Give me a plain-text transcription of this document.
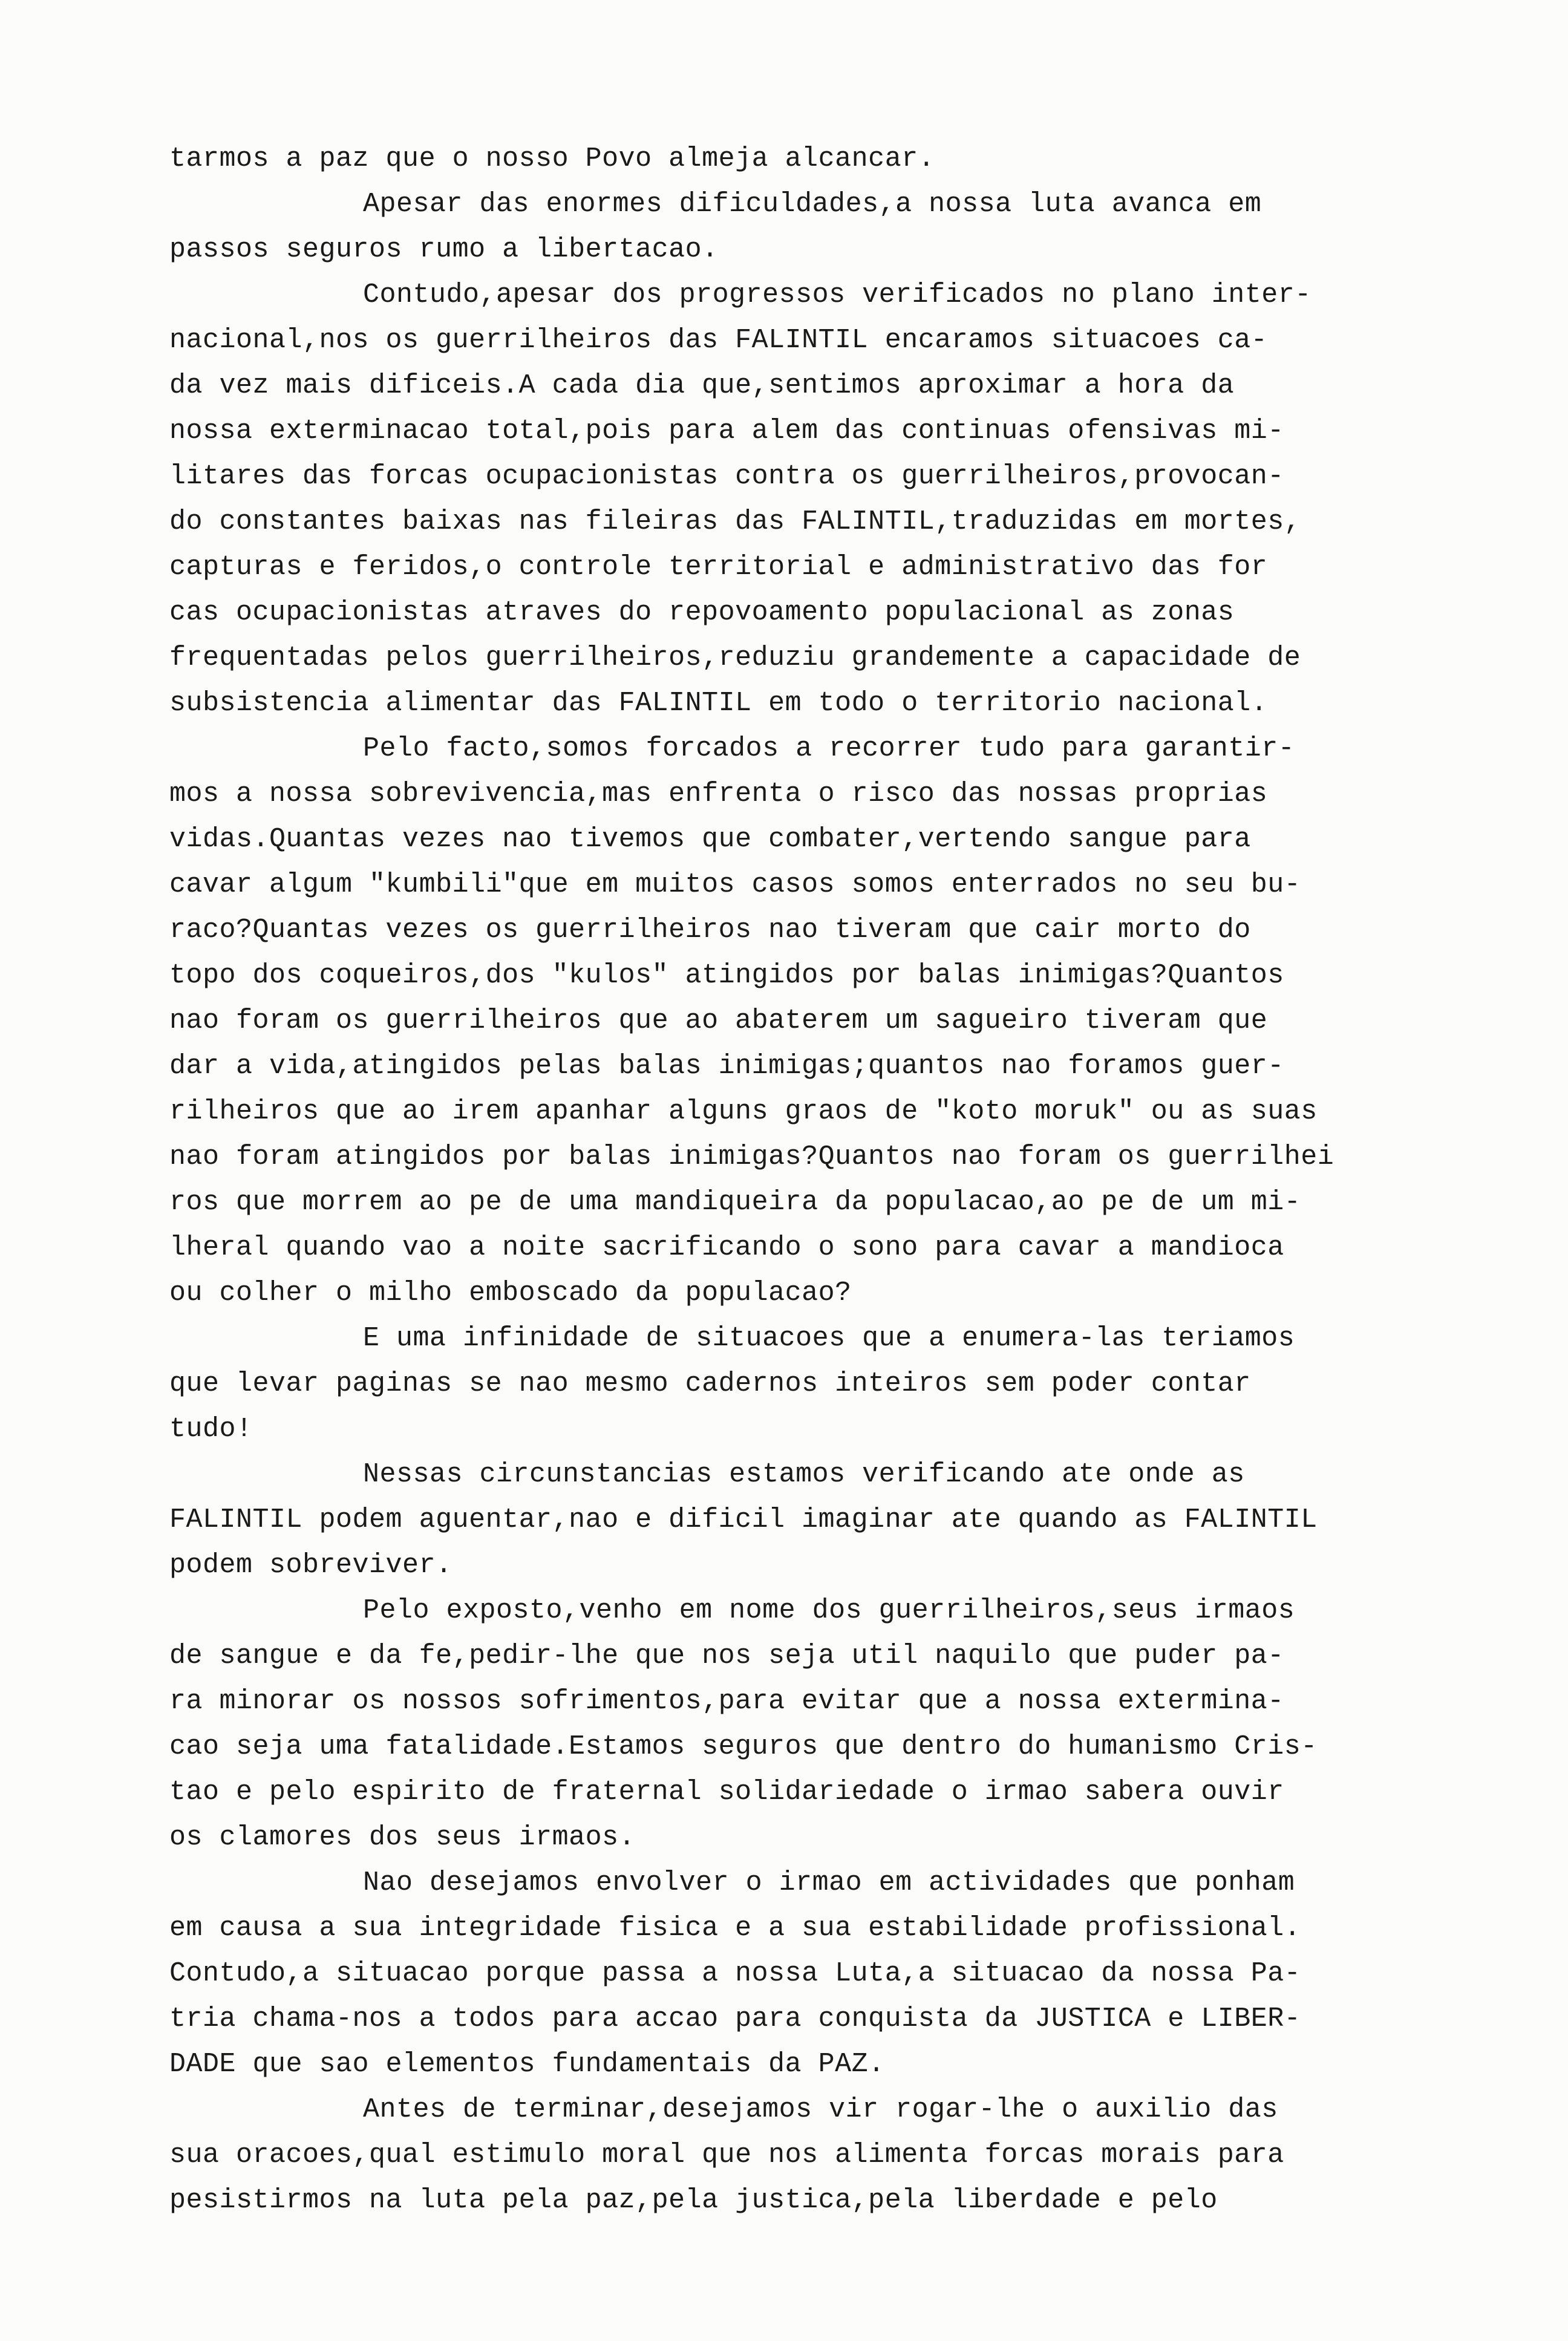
tarmos a paz que o nosso Povo almeja alcancar.
Apesar das enormes dificuldades,a nossa luta avanca em
passos seguros rumo a libertacao.
Contudo,apesar dos progressos verificados no plano inter-
nacional,nos os guerrilheiros das FALINTIL encaramos situacoes ca-
da vez mais dificeis.A cada dia que,sentimos aproximar a hora da
nossa exterminacao total,pois para alem das continuas ofensivas mi-
litares das forcas ocupacionistas contra os guerrilheiros,provocan-
do constantes baixas nas fileiras das FALINTIL,traduzidas em mortes,
capturas e feridos,o controle territorial e administrativo das for
cas ocupacionistas atraves do repovoamento populacional as zonas
frequentadas pelos guerrilheiros,reduziu grandemente a capacidade de
subsistencia alimentar das FALINTIL em todo o territorio nacional.
Pelo facto,somos forcados a recorrer tudo para garantir-
mos a nossa sobrevivencia,mas enfrenta o risco das nossas proprias
vidas.Quantas vezes nao tivemos que combater,vertendo sangue para
cavar algum "kumbili"que em muitos casos somos enterrados no seu bu-
raco?Quantas vezes os guerrilheiros nao tiveram que cair morto do
topo dos coqueiros,dos "kulos" atingidos por balas inimigas?Quantos
nao foram os guerrilheiros que ao abaterem um sagueiro tiveram que
dar a vida,atingidos pelas balas inimigas;quantos nao foramos guer-
rilheiros que ao irem apanhar alguns graos de "koto moruk" ou as suas
nao foram atingidos por balas inimigas?Quantos nao foram os guerrilhei
ros que morrem ao pe de uma mandiqueira da populacao,ao pe de um mi-
lheral quando vao a noite sacrificando o sono para cavar a mandioca
ou colher o milho emboscado da populacao?
E uma infinidade de situacoes que a enumera-las teriamos
que levar paginas se nao mesmo cadernos inteiros sem poder contar
tudo!
Nessas circunstancias estamos verificando ate onde as
FALINTIL podem aguentar,nao e dificil imaginar ate quando as FALINTIL
podem sobreviver.
Pelo exposto,venho em nome dos guerrilheiros,seus irmaos
de sangue e da fe,pedir-lhe que nos seja util naquilo que puder pa-
ra minorar os nossos sofrimentos,para evitar que a nossa extermina-
cao seja uma fatalidade.Estamos seguros que dentro do humanismo Cris-
tao e pelo espirito de fraternal solidariedade o irmao sabera ouvir
os clamores dos seus irmaos.
Nao desejamos envolver o irmao em actividades que ponham
em causa a sua integridade fisica e a sua estabilidade profissional.
Contudo,a situacao porque passa a nossa Luta,a situacao da nossa Pa-
tria chama-nos a todos para accao para conquista da JUSTICA e LIBER-
DADE que sao elementos fundamentais da PAZ.
Antes de terminar,desejamos vir rogar-lhe o auxilio das
sua oracoes,qual estimulo moral que nos alimenta forcas morais para
pesistirmos na luta pela paz,pela justica,pela liberdade e pelo
